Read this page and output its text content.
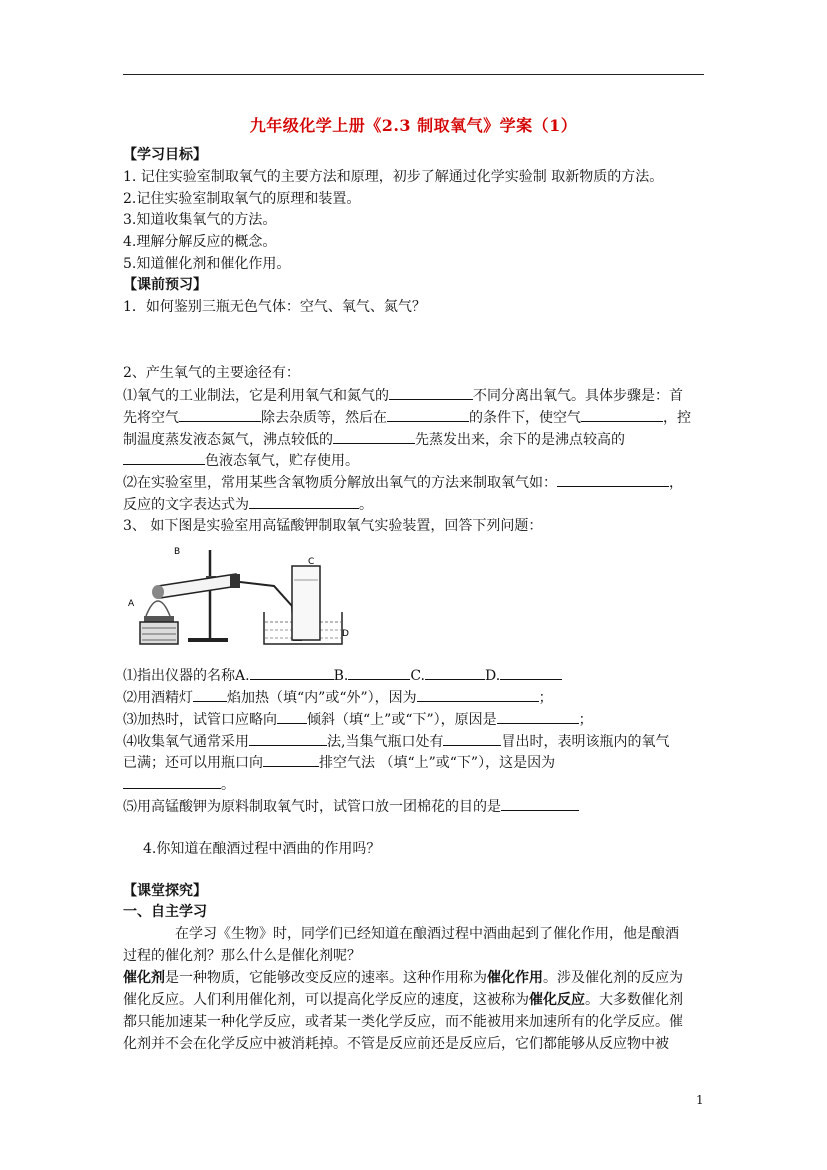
九年级化学上册《2.3 制取氧气》学案（1）
【学习目标】
1. 记住实验室制取氧气的主要方法和原理，初步了解通过化学实验制 取新物质的方法。
2.记住实验室制取氧气的原理和装置。
3.知道收集氧气的方法。
4.理解分解反应的概念。
5.知道催化剂和催化作用。
【课前预习】
1．如何鉴别三瓶无色气体：空气、氧气、氮气？
2、产生氧气的主要途径有：
⑴氧气的工业制法，它是利用氧气和氮气的	不同分离出氧气。具体步骤是：首
先将空气	除去杂质等，然后在	的条件下，使空气	，控
制温度蒸发液态氮气，沸点较低的	先蒸发出来，余下的是沸点较高的
色液态氧气，贮存使用。
⑵在实验室里，常用某些含氧物质分解放出氧气的方法来制取氧气如：	，
反应的文字表达式为	。
3、 如下图是实验室用高锰酸钾制取氧气实验装置，回答下列问题：
B
A
C
D
⑴指出仪器的名称A.	B.	C.	D.
⑵用酒精灯 焰加热（填“内”或“外”），因为	；
⑶加热时，试管口应略向 倾斜（填“上”或“下”），原因是	；
⑷收集氧气通常采用	法,当集气瓶口处有	冒出时，表明该瓶内的氧气
已满；还可以用瓶口向	排空气法 （填“上”或“下”），这是因为
。
⑸用高锰酸钾为原料制取氧气时，试管口放一团棉花的目的是
4.你知道在酿酒过程中酒曲的作用吗？
【课堂探究】
一、自主学习
在学习《生物》时，同学们已经知道在酿酒过程中酒曲起到了催化作用，他是酿酒
过程的催化剂？那么什么是催化剂呢？
催化剂是一种物质，它能够改变反应的速率。这种作用称为催化作用。涉及催化剂的反应为
催化反应。人们利用催化剂，可以提高化学反应的速度，这被称为催化反应。大多数催化剂
都只能加速某一种化学反应，或者某一类化学反应，而不能被用来加速所有的化学反应。催
化剂并不会在化学反应中被消耗掉。不管是反应前还是反应后，它们都能够从反应物中被
1
